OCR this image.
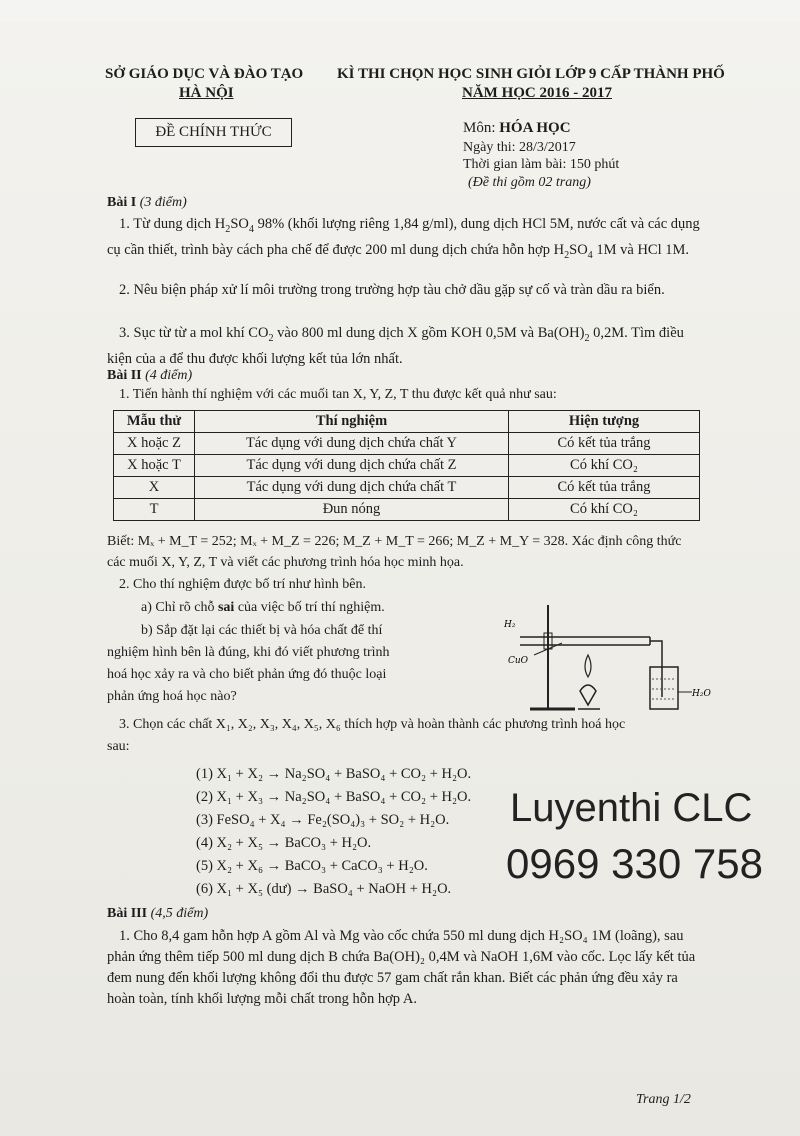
SỞ GIÁO DỤC VÀ ĐÀO TẠO
HÀ NỘI
KÌ THI CHỌN HỌC SINH GIỎI LỚP 9 CẤP THÀNH PHỐ
NĂM HỌC 2016 - 2017
ĐỀ CHÍNH THỨC	Môn: HÓA HỌC
Ngày thi: 28/3/2017
Thời gian làm bài: 150 phút
(Đề thi gồm 02 trang)
Bài I (3 điểm)

1. Từ dung dịch $H_2SO_4$ 98% (khối lượng riêng 1,84 g/ml), dung dịch HCl 5M, nước cất và các dụng cụ cần thiết, trình bày cách pha chế để được 200 ml dung dịch chứa hỗn hợp $H_2SO_4$ 1M và HCl 1M.

2. Nêu biện pháp xử lí môi trường trong trường hợp tàu chở dầu gặp sự cố và tràn dầu ra biển.

3. Sục từ từ a mol khí $CO_2$ vào 800 ml dung dịch X gồm KOH 0,5M và $Ba(OH)_2$ 0,2M. Tìm điều kiện của a để thu được khối lượng kết tủa lớn nhất.

Bài II (4 điểm)
1. Tiến hành thí nghiệm với các muối tan X, Y, Z, T thu được kết quả như sau:
Mẫu thử	Thí nghiệm	Hiện tượng
X hoặc Z	Tác dụng với dung dịch chứa chất Y	Có kết tủa trắng
X hoặc T	Tác dụng với dung dịch chứa chất Z	Có khí CO₂
X	Tác dụng với dung dịch chứa chất T	Có kết tủa trắng
T	Đun nóng	Có khí CO₂
Biết: Mₓ + M_T = 252; Mₓ + M_Z = 226; M_Z + M_T = 266; M_Z + M_Y = 328. Xác định công thức
các muối X, Y, Z, T và viết các phương trình hóa học minh họa.
2. Cho thí nghiệm được bố trí như hình bên.
a) Chỉ rõ chỗ sai của việc bố trí thí nghiệm.
b) Sắp đặt lại các thiết bị và hóa chất để thí
nghiệm hình bên là đúng, khi đó viết phương trình
hoá học xảy ra và cho biết phản ứng đó thuộc loại
phản ứng hoá học nào?
H₂
CuO
H₂O
3. Chọn các chất X₁, X₂, X₃, X₄, X₅, X₆ thích hợp và hoàn thành các phương trình hoá học
sau:
(1) X₁ + X₂ → Na₂SO₄ + BaSO₄ + CO₂ + H₂O.
(2) X₁ + X₃ → Na₂SO₄ + BaSO₄ + CO₂ + H₂O.
(3) FeSO₄ + X₄ → Fe₂(SO₄)₃ + SO₂ + H₂O.
(4) X₂ + X₅ → BaCO₃ + H₂O.
(5) X₂ + X₆ → BaCO₃ + CaCO₃ + H₂O.
(6) X₁ + X₅ (dư) → BaSO₄ + NaOH + H₂O.
Luyenthi CLC
0969 330 758
Bài III (4,5 điểm)

1. Cho 8,4 gam hỗn hợp A gồm Al và Mg vào cốc chứa 550 ml dung dịch H₂SO₄ 1M (loãng), sau phản ứng thêm tiếp 500 ml dung dịch B chứa Ba(OH)₂ 0,4M và NaOH 1,6M vào cốc. Lọc lấy kết tủa đem nung đến khối lượng không đổi thu được 57 gam chất rắn khan. Biết các phản ứng đều xảy ra hoàn toàn, tính khối lượng mỗi chất trong hỗn hợp A.

Trang 1/2
